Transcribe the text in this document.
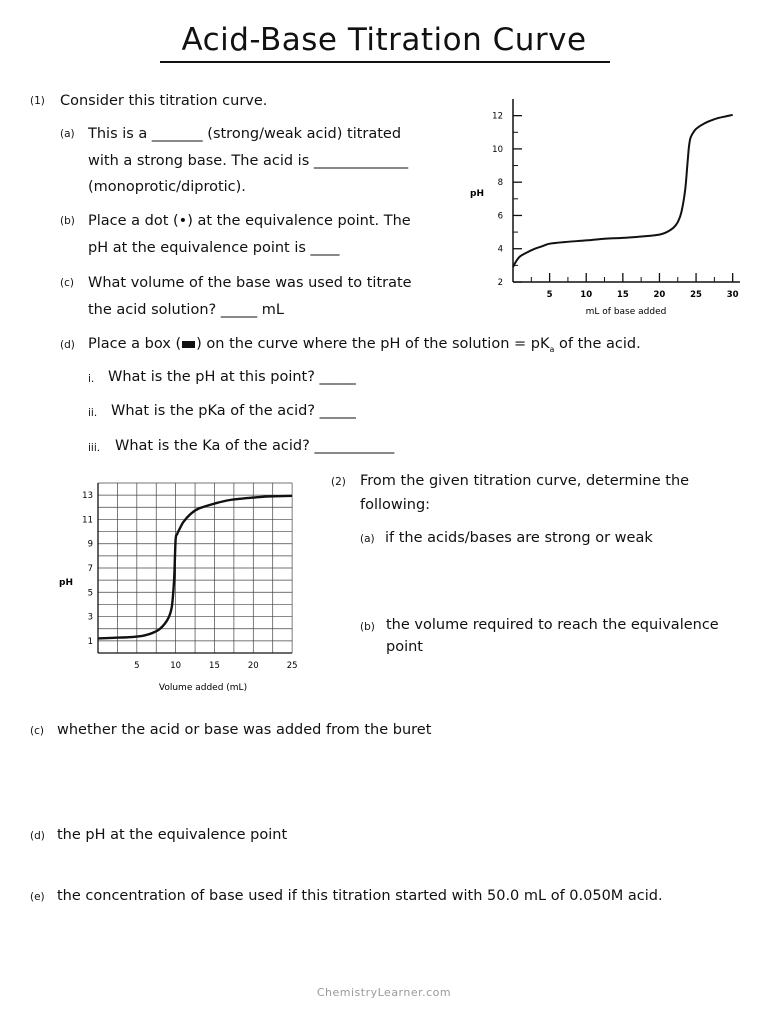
Acid-Base Titration Curve
(1) Consider this titration curve.
(a) This is a _______ (strong/weak acid) titrated
with a strong base. The acid is _____________
(monoprotic/diprotic).
(b) Place a dot (•) at the equivalence point. The
pH at the equivalence point is ____
(c) What volume of the base was used to titrate
the acid solution? _____ mL
(d) Place a box ( ) on the curve where the pH of the solution = $pK_a$ of the acid.
i. What is the pH at this point? _____
ii. What is the pKa of the acid? _____
iii. What is the Ka of the acid? ___________
2
4
6
8
10
12
5	10	15	20	25	30
pH
mL of base added
1
3
5
7
9
11
13
5	10	15	20	25
pH
Volume added (mL)
(2) From the given titration curve, determine the
following:
(a) if the acids/bases are strong or weak
(b) the volume required to reach the equivalence
point
(c) whether the acid or base was added from the buret
(d) the pH at the equivalence point
(e) the concentration of base used if this titration started with 50.0 mL of 0.050M acid.
ChemistryLearner.com
